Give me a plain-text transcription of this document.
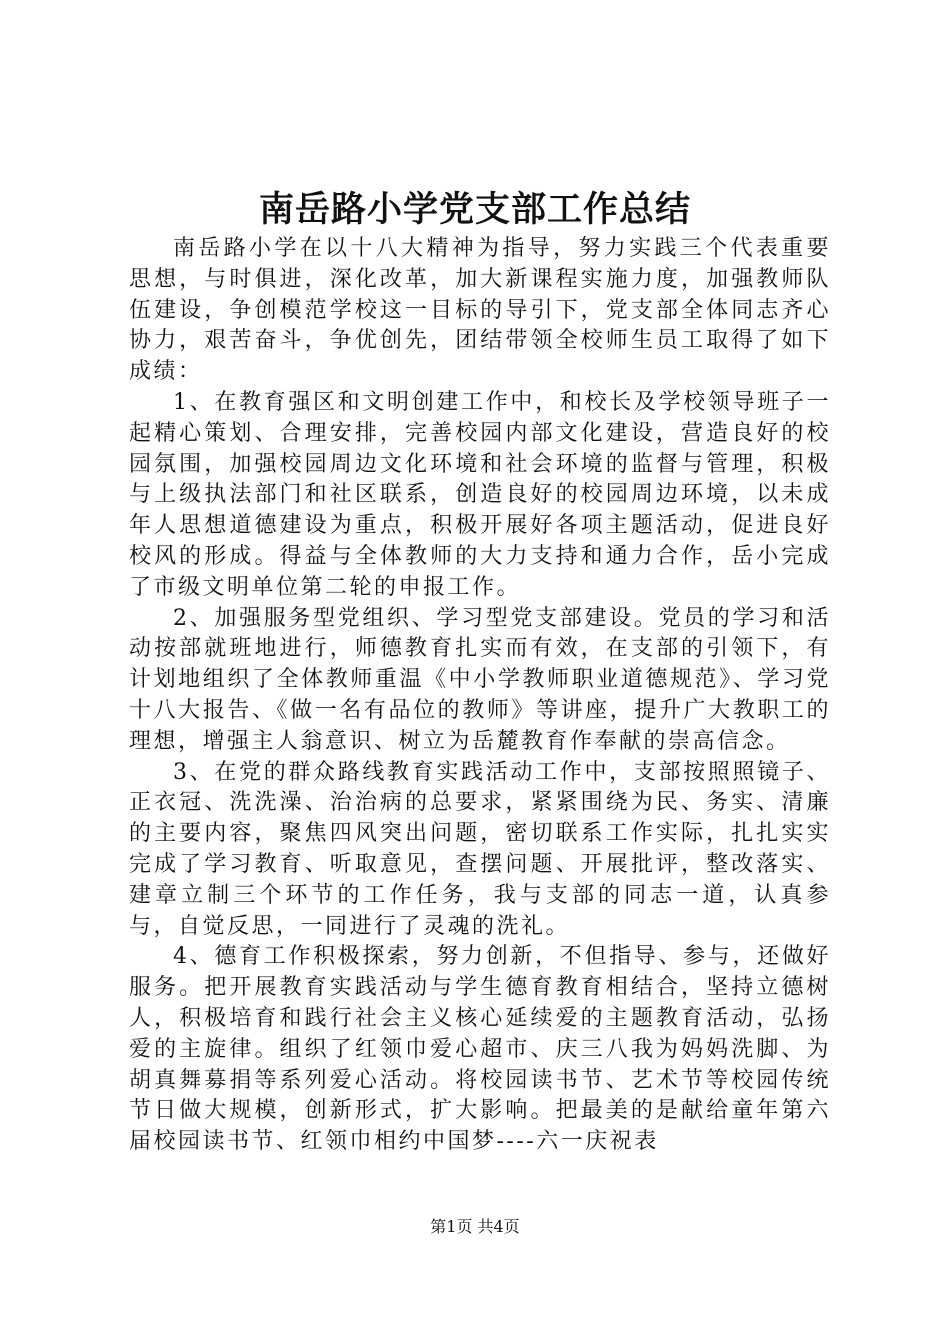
南岳路小学党支部工作总结

南岳路小学在以十八大精神为指导，努力实践三个代表重要思想，与时俱进，深化改革，加大新课程实施力度，加强教师队伍建设，争创模范学校这一目标的导引下，党支部全体同志齐心协力，艰苦奋斗，争优创先，团结带领全校师生员工取得了如下成绩：

1、在教育强区和文明创建工作中，和校长及学校领导班子一起精心策划、合理安排，完善校园内部文化建设，营造良好的校园氛围，加强校园周边文化环境和社会环境的监督与管理，积极与上级执法部门和社区联系，创造良好的校园周边环境，以未成年人思想道德建设为重点，积极开展好各项主题活动，促进良好校风的形成。得益与全体教师的大力支持和通力合作，岳小完成了市级文明单位第二轮的申报工作。

2、加强服务型党组织、学习型党支部建设。党员的学习和活动按部就班地进行，师德教育扎实而有效，在支部的引领下，有计划地组织了全体教师重温《中小学教师职业道德规范》、学习党十八大报告、《做一名有品位的教师》等讲座，提升广大教职工的理想，增强主人翁意识、树立为岳麓教育作奉献的崇高信念。

3、在党的群众路线教育实践活动工作中，支部按照照镜子、正衣冠、洗洗澡、治治病的总要求，紧紧围绕为民、务实、清廉的主要内容，聚焦四风突出问题，密切联系工作实际，扎扎实实完成了学习教育、听取意见，查摆问题、开展批评，整改落实、建章立制三个环节的工作任务，我与支部的同志一道，认真参与，自觉反思，一同进行了灵魂的洗礼。

4、德育工作积极探索，努力创新，不但指导、参与，还做好服务。把开展教育实践活动与学生德育教育相结合，坚持立德树人，积极培育和践行社会主义核心延续爱的主题教育活动，弘扬爱的主旋律。组织了红领巾爱心超市、庆三八我为妈妈洗脚、为胡真舞募捐等系列爱心活动。将校园读书节、艺术节等校园传统节日做大规模，创新形式，扩大影响。把最美的是献给童年第六届校园读书节、红领巾相约中国梦----六一庆祝表

第1页 共4页
